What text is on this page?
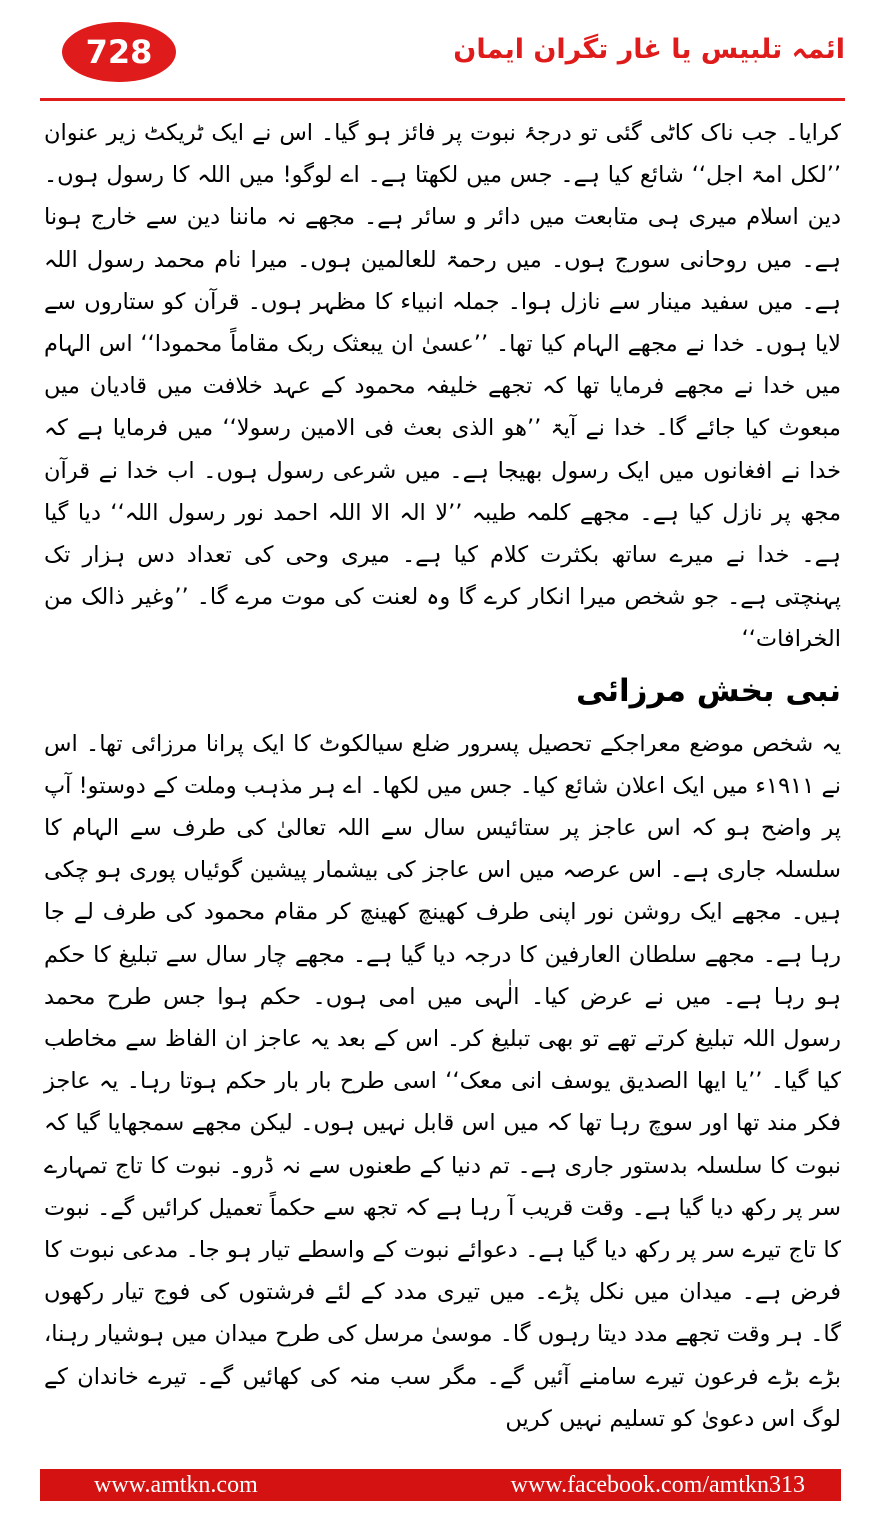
728	ائمہ تلبیس یا غار تگران ایمان

کرایا۔ جب ناک کاٹی گئی تو درجۂ نبوت پر فائز ہو گیا۔ اس نے ایک ٹریکٹ زیر عنوان ’’لکل امۃ اجل‘‘ شائع کیا ہے۔ جس میں لکھتا ہے۔ اے لوگو! میں اللہ کا رسول ہوں۔ دین اسلام میری ہی متابعت میں دائر و سائر ہے۔ مجھے نہ ماننا دین سے خارج ہونا ہے۔ میں روحانی سورج ہوں۔ میں رحمۃ للعالمین ہوں۔ میرا نام محمد رسول اللہ ہے۔ میں سفید مینار سے نازل ہوا۔ جملہ انبیاء کا مظہر ہوں۔ قرآن کو ستاروں سے لایا ہوں۔ خدا نے مجھے الہام کیا تھا۔ ’’عسیٰ ان یبعثک ربک مقاماً محمودا‘‘ اس الہام میں خدا نے مجھے فرمایا تھا کہ تجھے خلیفہ محمود کے عہد خلافت میں قادیان میں مبعوث کیا جائے گا۔ خدا نے آیۃ ’’ھو الذی بعث فی الامین رسولا‘‘ میں فرمایا ہے کہ خدا نے افغانوں میں ایک رسول بھیجا ہے۔ میں شرعی رسول ہوں۔ اب خدا نے قرآن مجھ پر نازل کیا ہے۔ مجھے کلمہ طیبہ ’’لا الہ الا اللہ احمد نور رسول اللہ‘‘ دیا گیا ہے۔ خدا نے میرے ساتھ بکثرت کلام کیا ہے۔ میری وحی کی تعداد دس ہزار تک پہنچتی ہے۔ جو شخص میرا انکار کرے گا وہ لعنت کی موت مرے گا۔ ’’وغیر ذالک من الخرافات‘‘

نبی بخش مرزائی

یہ شخص موضع معراجکے تحصیل پسرور ضلع سیالکوٹ کا ایک پرانا مرزائی تھا۔ اس نے ۱۹۱۱ء میں ایک اعلان شائع کیا۔ جس میں لکھا۔ اے ہر مذہب وملت کے دوستو! آپ پر واضح ہو کہ اس عاجز پر ستائیس سال سے اللہ تعالیٰ کی طرف سے الہام کا سلسلہ جاری ہے۔ اس عرصہ میں اس عاجز کی بیشمار پیشین گوئیاں پوری ہو چکی ہیں۔ مجھے ایک روشن نور اپنی طرف کھینچ کھینچ کر مقام محمود کی طرف لے جا رہا ہے۔ مجھے سلطان العارفین کا درجہ دیا گیا ہے۔ مجھے چار سال سے تبلیغ کا حکم ہو رہا ہے۔ میں نے عرض کیا۔ الٰہی میں امی ہوں۔ حکم ہوا جس طرح محمد رسول اللہ تبلیغ کرتے تھے تو بھی تبلیغ کر۔ اس کے بعد یہ عاجز ان الفاظ سے مخاطب کیا گیا۔ ’’یا ایھا الصدیق یوسف انی معک‘‘ اسی طرح بار بار حکم ہوتا رہا۔ یہ عاجز فکر مند تھا اور سوچ رہا تھا کہ میں اس قابل نہیں ہوں۔ لیکن مجھے سمجھایا گیا کہ نبوت کا سلسلہ بدستور جاری ہے۔ تم دنیا کے طعنوں سے نہ ڈرو۔ نبوت کا تاج تمہارے سر پر رکھ دیا گیا ہے۔ وقت قریب آ رہا ہے کہ تجھ سے حکماً تعمیل کرائیں گے۔ نبوت کا تاج تیرے سر پر رکھ دیا گیا ہے۔ دعوائے نبوت کے واسطے تیار ہو جا۔ مدعی نبوت کا فرض ہے۔ میدان میں نکل پڑے۔ میں تیری مدد کے لئے فرشتوں کی فوج تیار رکھوں گا۔ ہر وقت تجھے مدد دیتا رہوں گا۔ موسیٰ مرسل کی طرح میدان میں ہوشیار رہنا، بڑے بڑے فرعون تیرے سامنے آئیں گے۔ مگر سب منہ کی کھائیں گے۔ تیرے خاندان کے لوگ اس دعویٰ کو تسلیم نہیں کریں

www.amtkn.com	www.facebook.com/amtkn313
